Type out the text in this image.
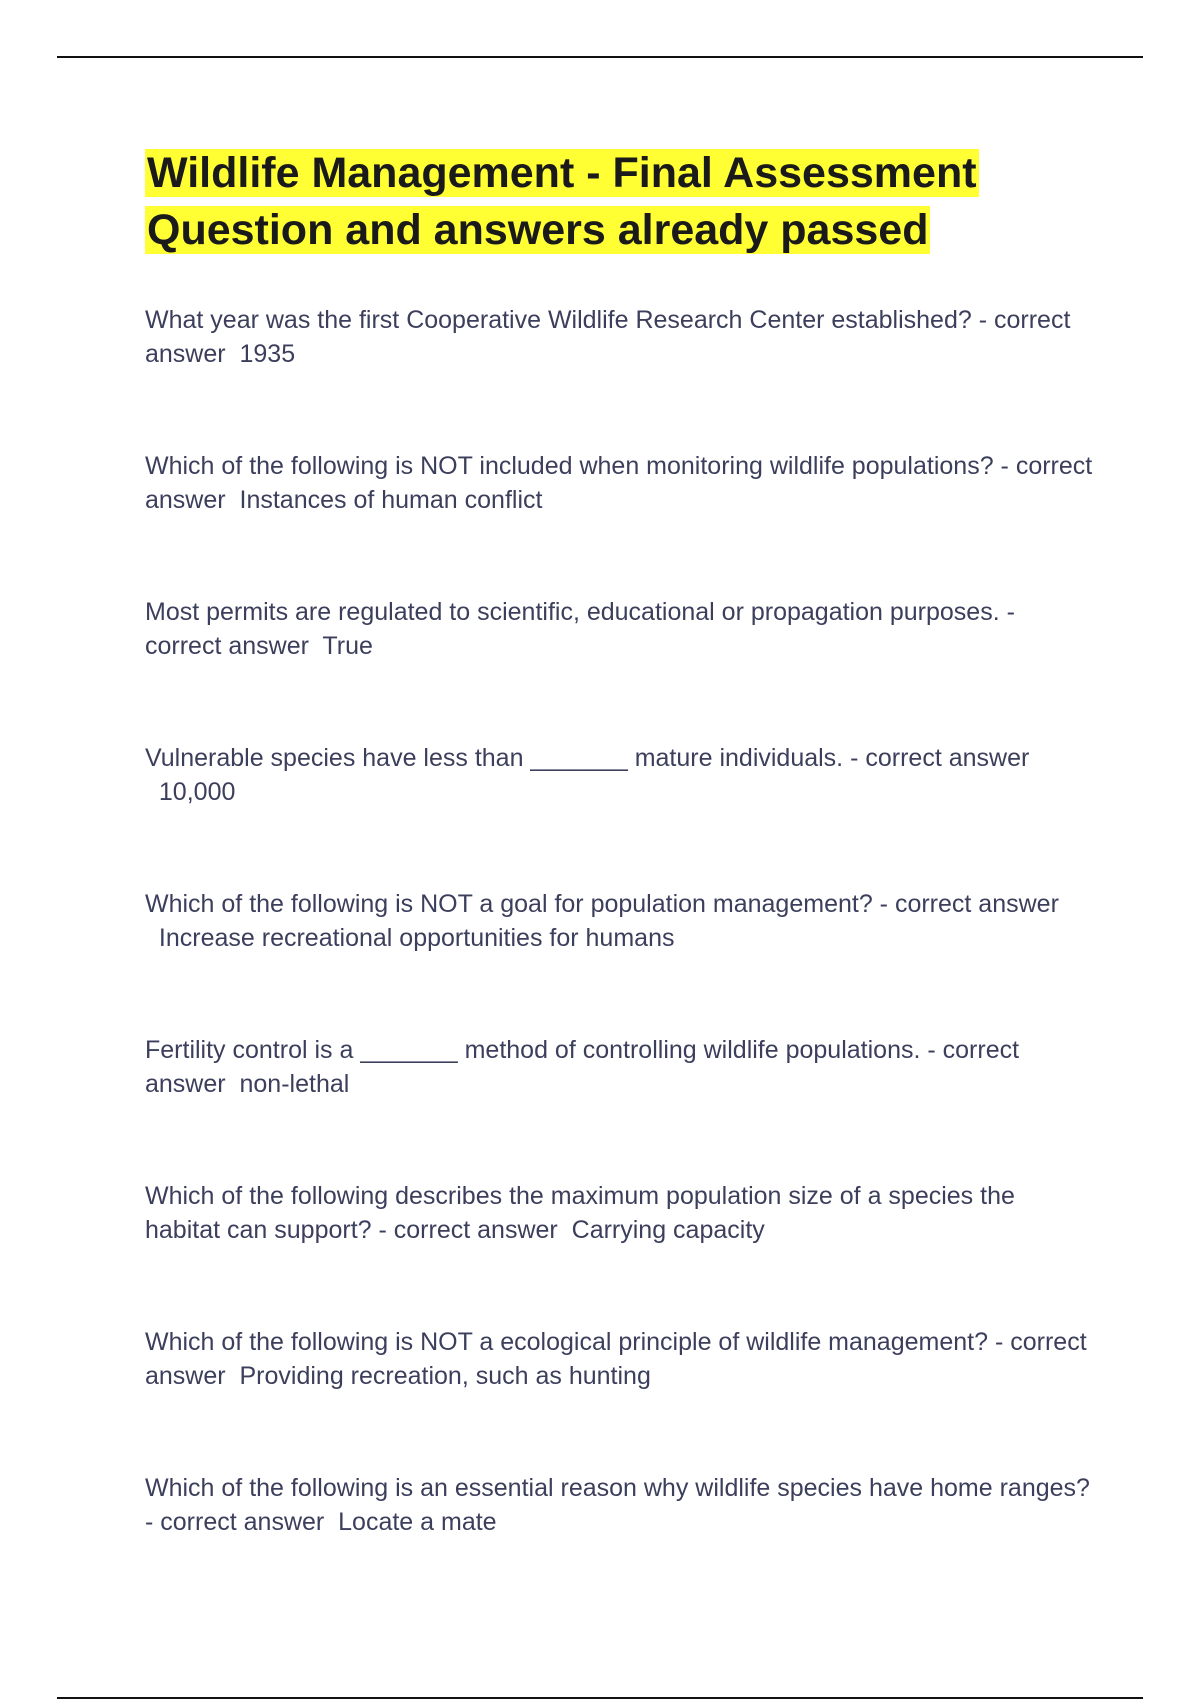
Wildlife Management - Final Assessment Question and answers already passed

What year was the first Cooperative Wildlife Research Center established? - correct answer 1935

Which of the following is NOT included when monitoring wildlife populations? - correct answer Instances of human conflict

Most permits are regulated to scientific, educational or propagation purposes. - correct answer True

Vulnerable species have less than _______ mature individuals. - correct answer  10,000

Which of the following is NOT a goal for population management? - correct answer  Increase recreational opportunities for humans

Fertility control is a _______ method of controlling wildlife populations. - correct answer non-lethal

Which of the following describes the maximum population size of a species the habitat can support? - correct answer Carrying capacity

Which of the following is NOT a ecological principle of wildlife management? - correct answer Providing recreation, such as hunting

Which of the following is an essential reason why wildlife species have home ranges? - correct answer Locate a mate
